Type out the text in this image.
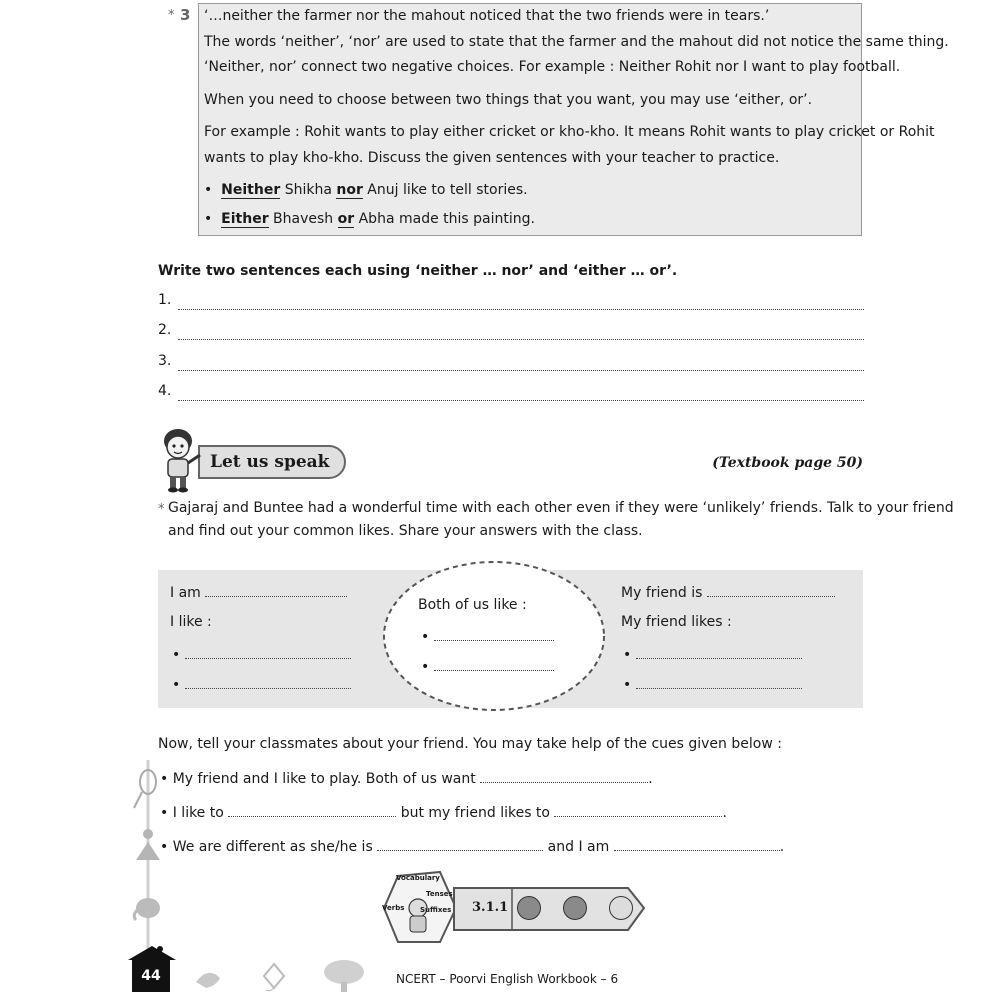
* 3 ‘…neither the farmer nor the mahout noticed that the two friends were in tears.’
The words ‘neither’, ‘nor’ are used to state that the farmer and the mahout did not notice the same thing.
‘Neither, nor’ connect two negative choices. For example : Neither Rohit nor I want to play football.
When you need to choose between two things that you want, you may use ‘either, or’.
For example : Rohit wants to play either cricket or kho-kho. It means Rohit wants to play cricket or Rohit
wants to play kho-kho. Discuss the given sentences with your teacher to practice.
•  Neither Shikha nor Anuj like to tell stories.
•  Either Bhavesh or Abha made this painting.
Write two sentences each using ‘neither … nor’ and ‘either … or’.
1.
2.
3.
4.
Let us speak	(Textbook page 50)
* Gajaraj and Buntee had a wonderful time with each other even if they were ‘unlikely’ friends. Talk to your friend
and find out your common likes. Share your answers with the class.
I am
I like :
•
•
Both of us like :
•
•
My friend is
My friend likes :
•
•
Now, tell your classmates about your friend. You may take help of the cues given below :
• My friend and I like to play. Both of us want	.
• I like to	but my friend likes to	.
• We are different as she/he is	and I am	.
Vocabulary
Tenses
Verbs Suffixes 3.1.1
44	NCERT – Poorvi English Workbook – 6
